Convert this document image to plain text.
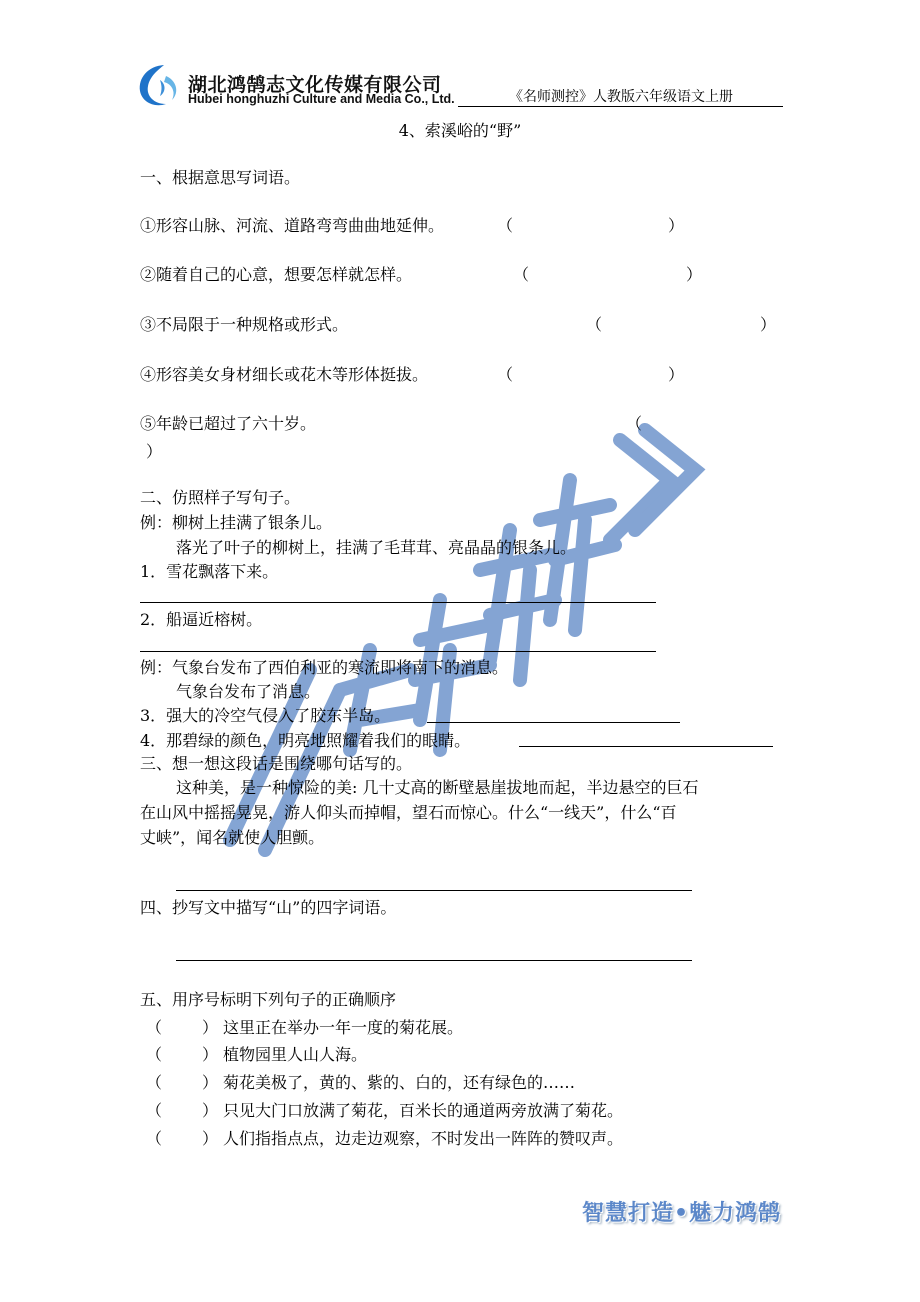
湖北鸿鹄志文化传媒有限公司
Hubei honghuzhi Culture and Media Co., Ltd.	《名师测控》人教版六年级语文上册
4、索溪峪的“野”
一、根据意思写词语。
①形容山脉、河流、道路弯弯曲曲地延伸。	（	）
②随着自己的心意，想要怎样就怎样。	（	）
③不局限于一种规格或形式。	（	）
④形容美女身材细长或花木等形体挺拔。	（	）
⑤年龄已超过了六十岁。	（
）
二、仿照样子写句子。
例：柳树上挂满了银条儿。
落光了叶子的柳树上，挂满了毛茸茸、亮晶晶的银条儿。
1．雪花飘落下来。
2．船逼近榕树。
例：气象台发布了西伯利亚的寒流即将南下的消息。
气象台发布了消息。
3．强大的冷空气侵入了胶东半岛。
4．那碧绿的颜色，明亮地照耀着我们的眼睛。
三、想一想这段话是围绕哪句话写的。
这种美，是一种惊险的美: 几十丈高的断壁悬崖拔地而起，半边悬空的巨石
在山风中摇摇晃晃，游人仰头而掉帽，望石而惊心。什么“一线天”，什么“百
丈峡”，闻名就使人胆颤。
四、抄写文中描写“山”的四字词语。
五、用序号标明下列句子的正确顺序
（ ） 这里正在举办一年一度的菊花展。
（ ） 植物园里人山人海。
（ ） 菊花美极了，黄的、紫的、白的，还有绿色的……
（ ） 只见大门口放满了菊花，百米长的通道两旁放满了菊花。
（ ） 人们指指点点，边走边观察，不时发出一阵阵的赞叹声。
智慧打造•魅力鸿鹄
